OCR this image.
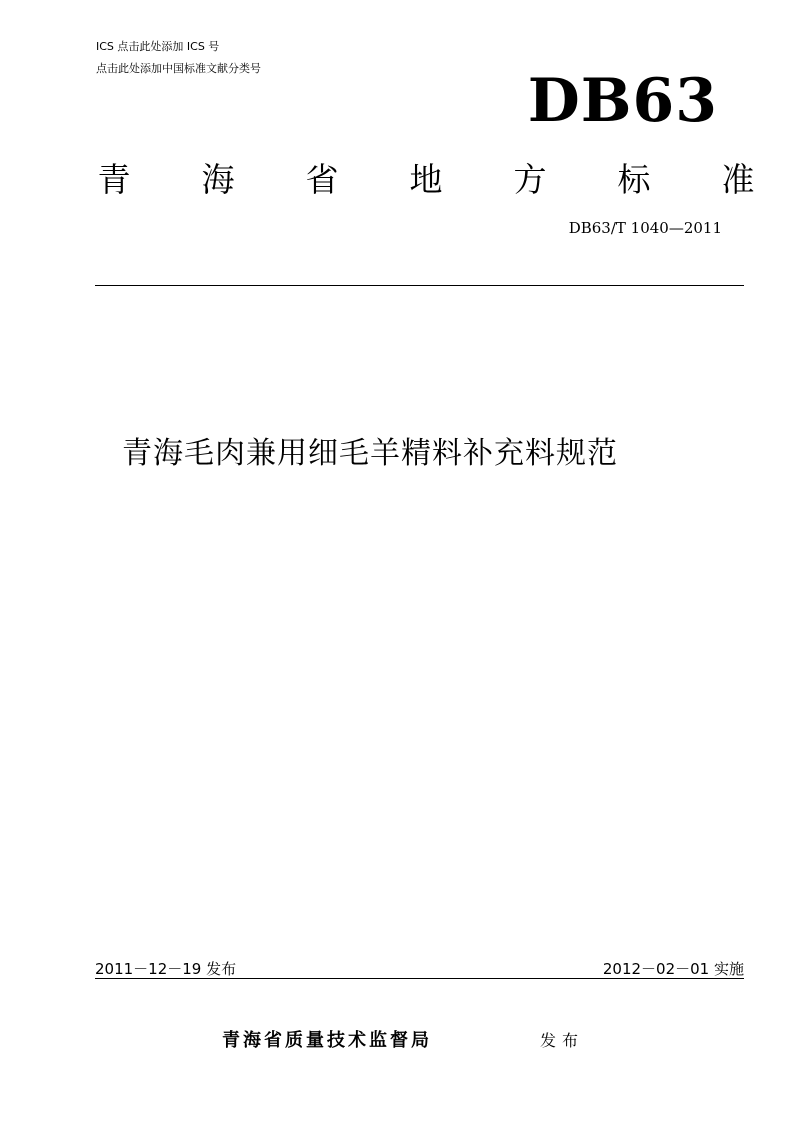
ICS 点击此处添加 ICS 号
点击此处添加中国标准文献分类号	DB63
青 海 省 地 方 标 准
DB63/T 1040—2011
青海毛肉兼用细毛羊精料补充料规范
2011－12－19 发布	2012－02－01 实施
青海省质量技术监督局	发布
